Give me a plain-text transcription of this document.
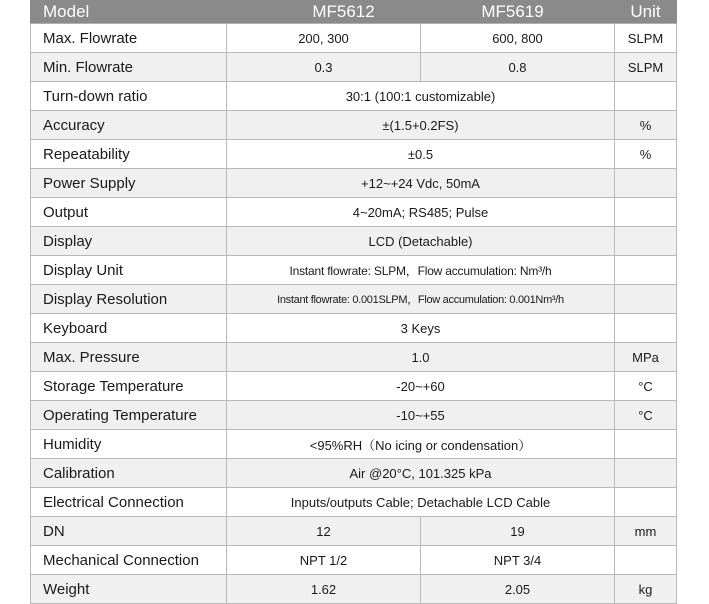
Model	MF5612	MF5619	Unit
Max. Flowrate	200, 300	600, 800	SLPM
Min. Flowrate	0.3	0.8	SLPM
Turn-down ratio	30:1 (100:1 customizable)		
Accuracy	±(1.5+0.2FS)		%
Repeatability	±0.5		%
Power Supply	+12~+24 Vdc, 50mA		
Output	4~20mA; RS485; Pulse		
Display	LCD (Detachable)		
Display Unit	Instant flowrate: SLPM，Flow accumulation: Nm³/h		
Display Resolution	Instant flowrate: 0.001SLPM，Flow accumulation: 0.001Nm³/h		
Keyboard	3 Keys		
Max. Pressure	1.0		MPa
Storage Temperature	-20~+60		°C
Operating Temperature	-10~+55		°C
Humidity	<95%RH（No icing or condensation）		
Calibration	Air @20°C, 101.325 kPa		
Electrical Connection	Inputs/outputs Cable; Detachable LCD Cable		
DN	12	19	mm
Mechanical Connection	NPT 1/2	NPT 3/4	
Weight	1.62	2.05	kg
